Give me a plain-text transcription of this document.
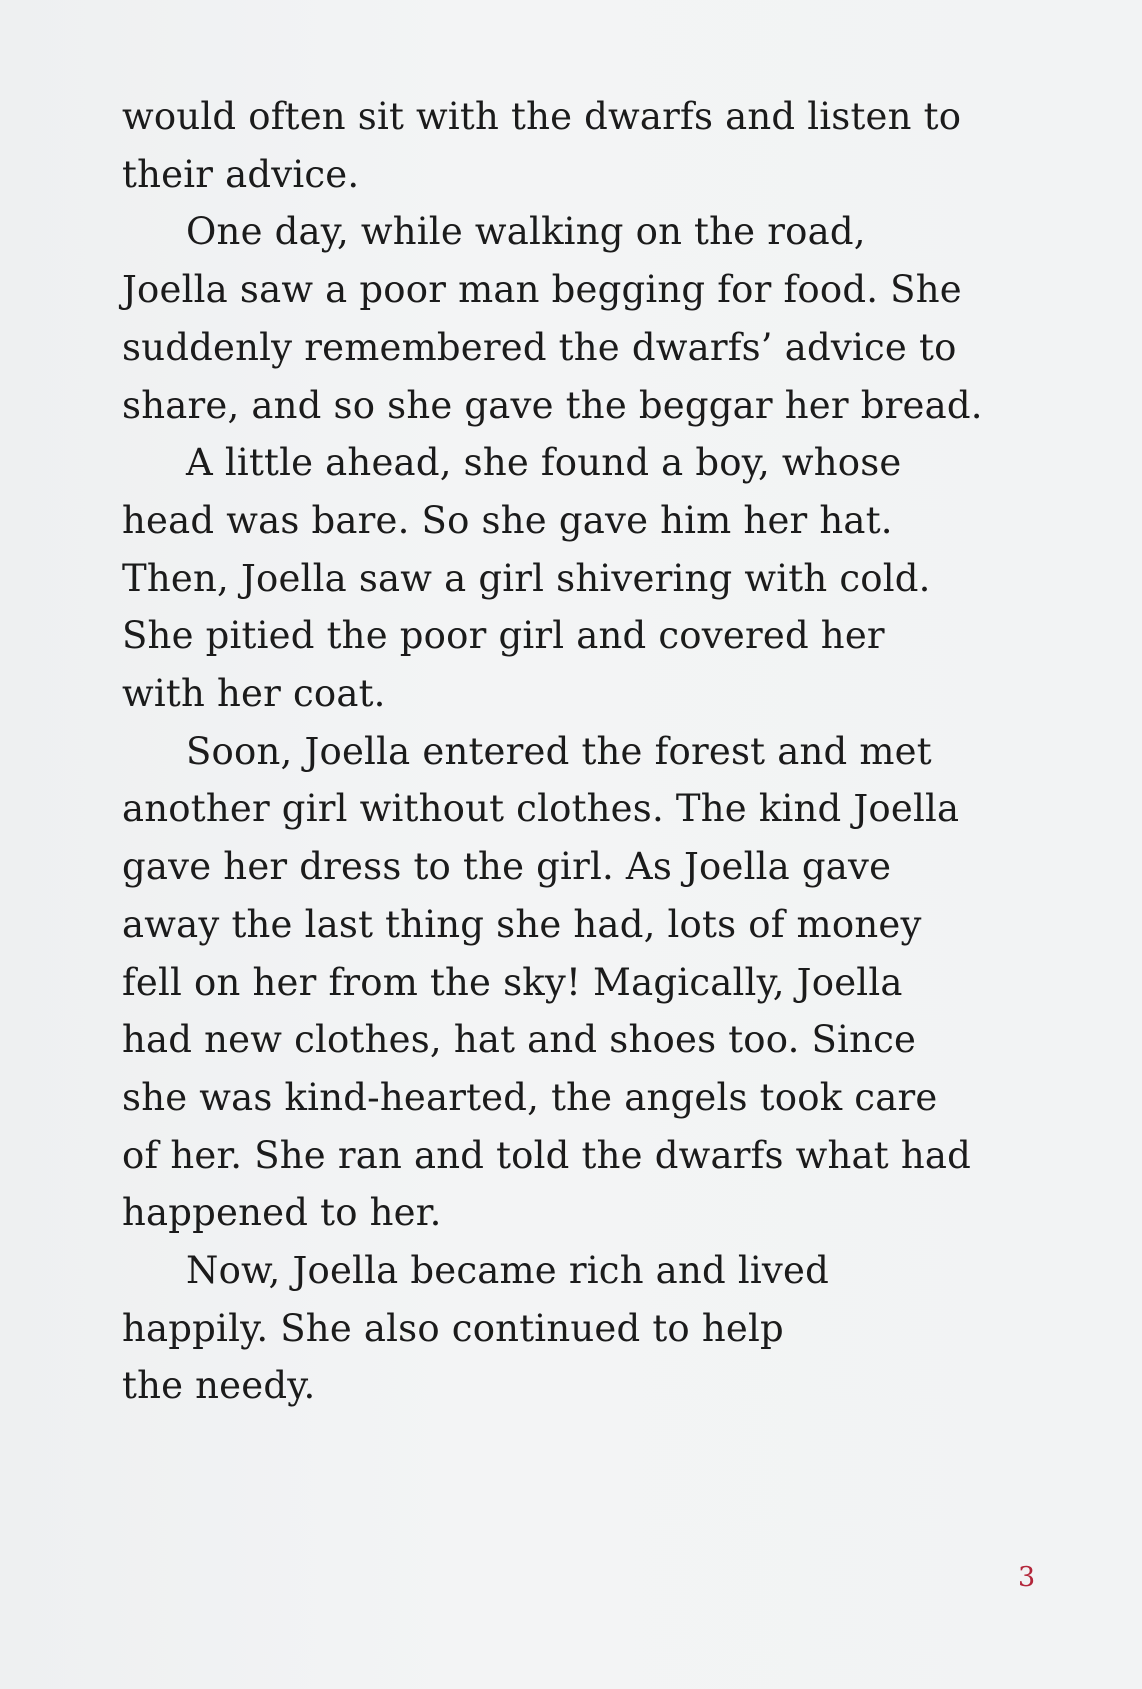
would often sit with the dwarfs and listen to
their advice.
One day, while walking on the road,
Joella saw a poor man begging for food. She
suddenly remembered the dwarfs’ advice to
share, and so she gave the beggar her bread.
A little ahead, she found a boy, whose
head was bare. So she gave him her hat.
Then, Joella saw a girl shivering with cold.
She pitied the poor girl and covered her
with her coat.
Soon, Joella entered the forest and met
another girl without clothes. The kind Joella
gave her dress to the girl. As Joella gave
away the last thing she had, lots of money
fell on her from the sky! Magically, Joella
had new clothes, hat and shoes too. Since
she was kind-hearted, the angels took care
of her. She ran and told the dwarfs what had
happened to her.
Now, Joella became rich and lived
happily. She also continued to help
the needy.
3
